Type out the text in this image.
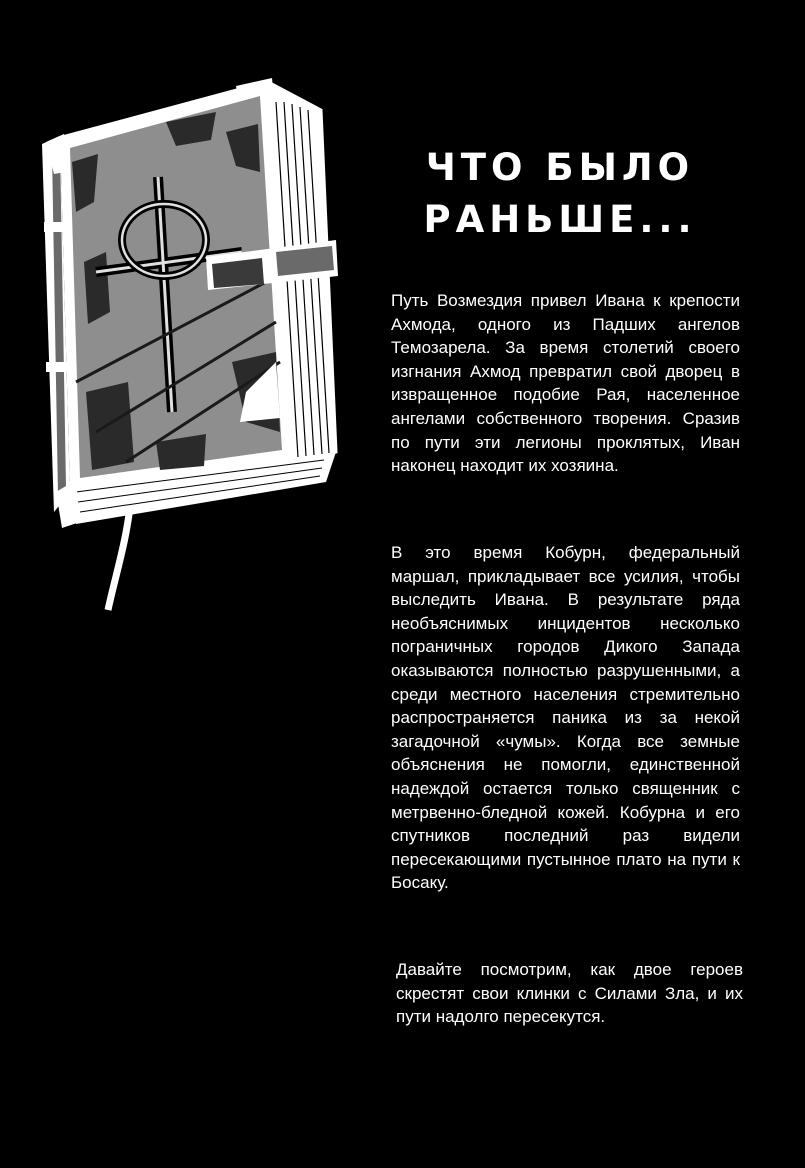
ЧТО БЫЛО
РАНЬШЕ...
Путь Возмездия привел Ивана к крепости Ахмода, одного из Падших ангелов Темозарела. За время столетий своего изгнания Ахмод превратил свой дворец в извращенное подобие Рая, населенное ангелами собственного творения. Сразив по пути эти легионы проклятых, Иван наконец находит их хозяина.
В это время Кобурн, федеральный маршал, прикладывает все усилия, чтобы выследить Ивана. В результате ряда необъяснимых инцидентов несколько пограничных городов Дикого Запада оказываются полностью разрушенными, а среди местного населения стремительно распространяется паника из за некой загадочной «чумы». Когда все земные объяснения не помогли, единственной надеждой остается только священник с метрвенно-бледной кожей. Кобурна и его спутников последний раз видели пересекающими пустынное плато на пути к Босаку.
Давайте посмотрим, как двое героев скрестят свои клинки с Силами Зла, и их пути надолго пересекутся.
